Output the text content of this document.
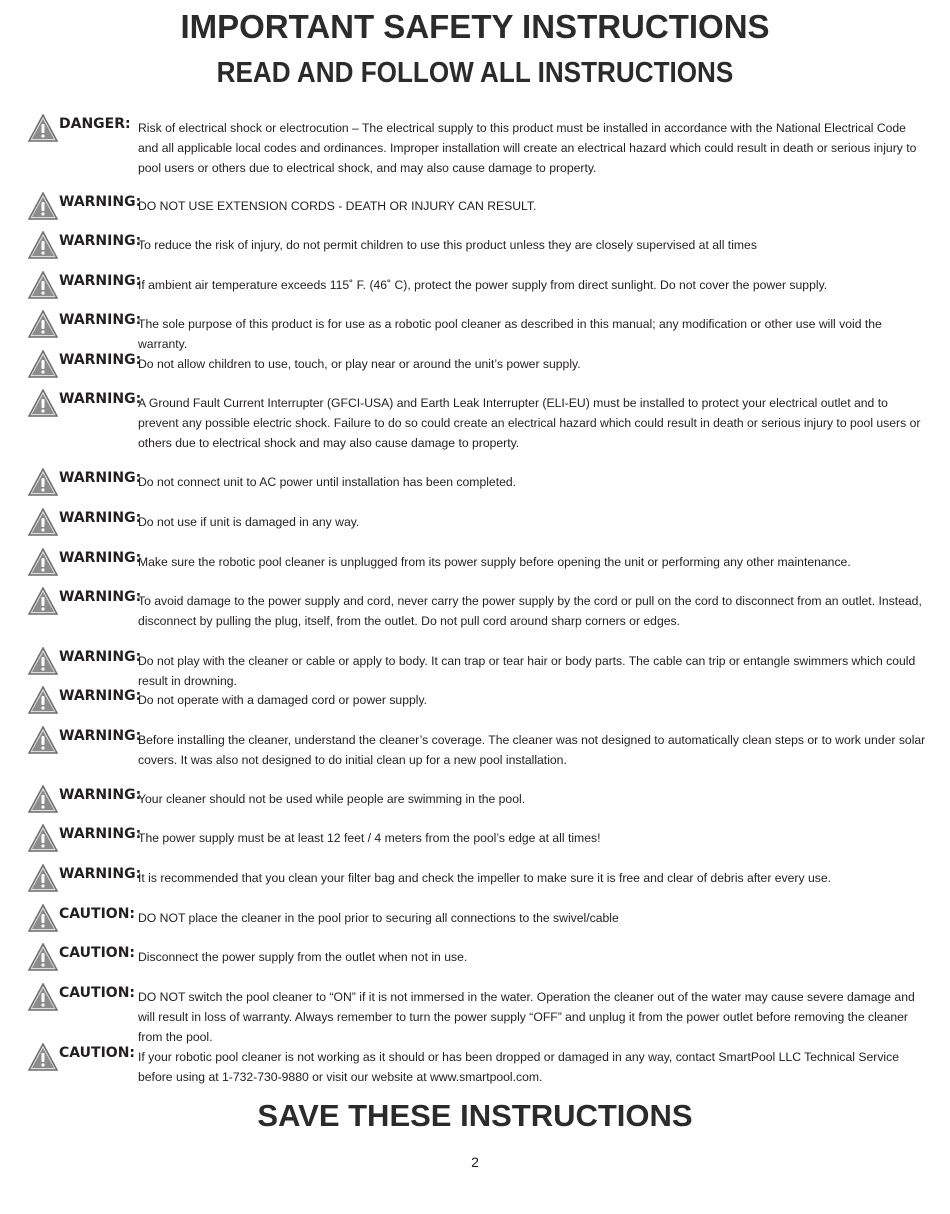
IMPORTANT SAFETY INSTRUCTIONS
READ AND FOLLOW ALL INSTRUCTIONS
DANGER: Risk of electrical shock or electrocution – The electrical supply to this product must be installed in accordance with the National Electrical Code and all applicable local codes and ordinances. Improper installation will create an electrical hazard which could result in death or serious injury to pool users or others due to electrical shock, and may also cause damage to property.
WARNING:
DO NOT USE EXTENSION CORDS - DEATH OR INJURY CAN RESULT.
WARNING:
To reduce the risk of injury, do not permit children to use this product unless they are closely supervised at all times
WARNING:
If ambient air temperature exceeds 115˚ F. (46˚ C), protect the power supply from direct sunlight. Do not cover the power supply.
WARNING:
The sole purpose of this product is for use as a robotic pool cleaner as described in this manual; any modification or other use will void the warranty.
WARNING:
Do not allow children to use, touch, or play near or around the unit’s power supply.
WARNING:
A Ground Fault Current Interrupter (GFCI-USA) and Earth Leak Interrupter (ELI-EU) must be installed to protect your electrical outlet and to prevent any possible electric shock. Failure to do so could create an electrical hazard which could result in death or serious injury to pool users or others due to electrical shock and may also cause damage to property.
WARNING:
Do not connect unit to AC power until installation has been completed.
WARNING:
Do not use if unit is damaged in any way.
WARNING:
Make sure the robotic pool cleaner is unplugged from its power supply before opening the unit or performing any other maintenance.
WARNING:
To avoid damage to the power supply and cord, never carry the power supply by the cord or pull on the cord to disconnect from an outlet. Instead, disconnect by pulling the plug, itself, from the outlet. Do not pull cord around sharp corners or edges.
WARNING:
Do not play with the cleaner or cable or apply to body. It can trap or tear hair or body parts. The cable can trip or entangle swimmers which could result in drowning.
WARNING:
Do not operate with a damaged cord or power supply.
WARNING:
Before installing the cleaner, understand the cleaner’s coverage. The cleaner was not designed to automatically clean steps or to work under solar covers. It was also not designed to do initial clean up for a new pool installation.
WARNING:
Your cleaner should not be used while people are swimming in the pool.
WARNING:
The power supply must be at least 12 feet / 4 meters from the pool’s edge at all times!
WARNING:
It is recommended that you clean your filter bag and check the impeller to make sure it is free and clear of debris after every use.
CAUTION: DO NOT place the cleaner in the pool prior to securing all connections to the swivel/cable
CAUTION: Disconnect the power supply from the outlet when not in use.
CAUTION: DO NOT switch the pool cleaner to “ON” if it is not immersed in the water. Operation the cleaner out of the water may cause severe damage and will result in loss of warranty. Always remember to turn the power supply “OFF” and unplug it from the power outlet before removing the cleaner from the pool.
CAUTION: If your robotic pool cleaner is not working as it should or has been dropped or damaged in any way, contact SmartPool LLC Technical Service before using at 1-732-730-9880 or visit our website at www.smartpool.com.
SAVE THESE INSTRUCTIONS
2
